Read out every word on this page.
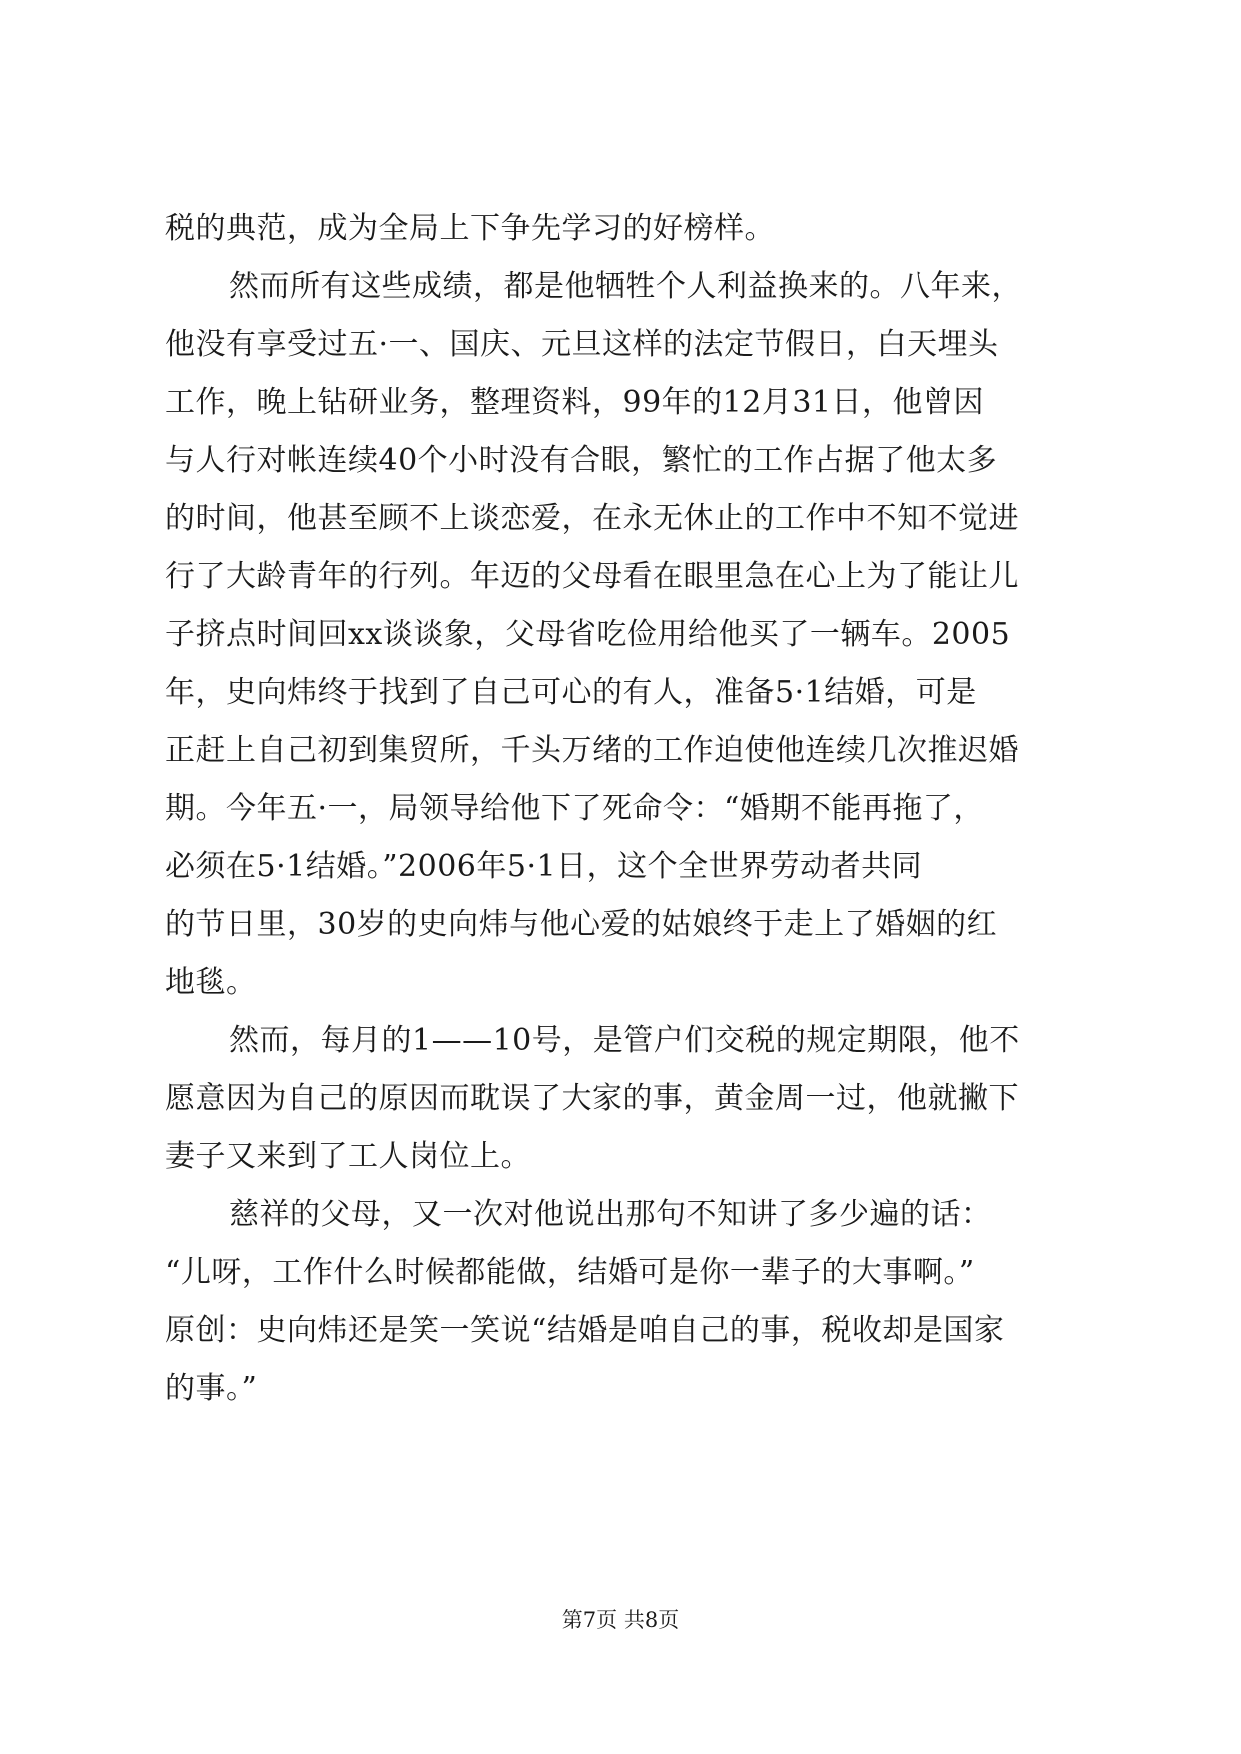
税的典范，成为全局上下争先学习的好榜样。
然而所有这些成绩，都是他牺牲个人利益换来的。八年来，
他没有享受过五·一、国庆、元旦这样的法定节假日，白天埋头
工作，晚上钻研业务，整理资料，99年的12月31日，他曾因
与人行对帐连续40个小时没有合眼，繁忙的工作占据了他太多
的时间，他甚至顾不上谈恋爱，在永无休止的工作中不知不觉进
行了大龄青年的行列。年迈的父母看在眼里急在心上为了能让儿
子挤点时间回xx谈谈象，父母省吃俭用给他买了一辆车。2005
年，史向炜终于找到了自己可心的有人，准备5·1结婚，可是
正赶上自己初到集贸所，千头万绪的工作迫使他连续几次推迟婚
期。今年五·一，局领导给他下了死命令：“婚期不能再拖了，
必须在5·1结婚。”2006年5·1日，这个全世界劳动者共同
的节日里，30岁的史向炜与他心爱的姑娘终于走上了婚姻的红
地毯。
然而，每月的1——10号，是管户们交税的规定期限，他不
愿意因为自己的原因而耽误了大家的事，黄金周一过，他就撇下
妻子又来到了工人岗位上。
慈祥的父母，又一次对他说出那句不知讲了多少遍的话：
“儿呀，工作什么时候都能做，结婚可是你一辈子的大事啊。”
原创：史向炜还是笑一笑说“结婚是咱自己的事，税收却是国家
的事。”
第7页 共8页
